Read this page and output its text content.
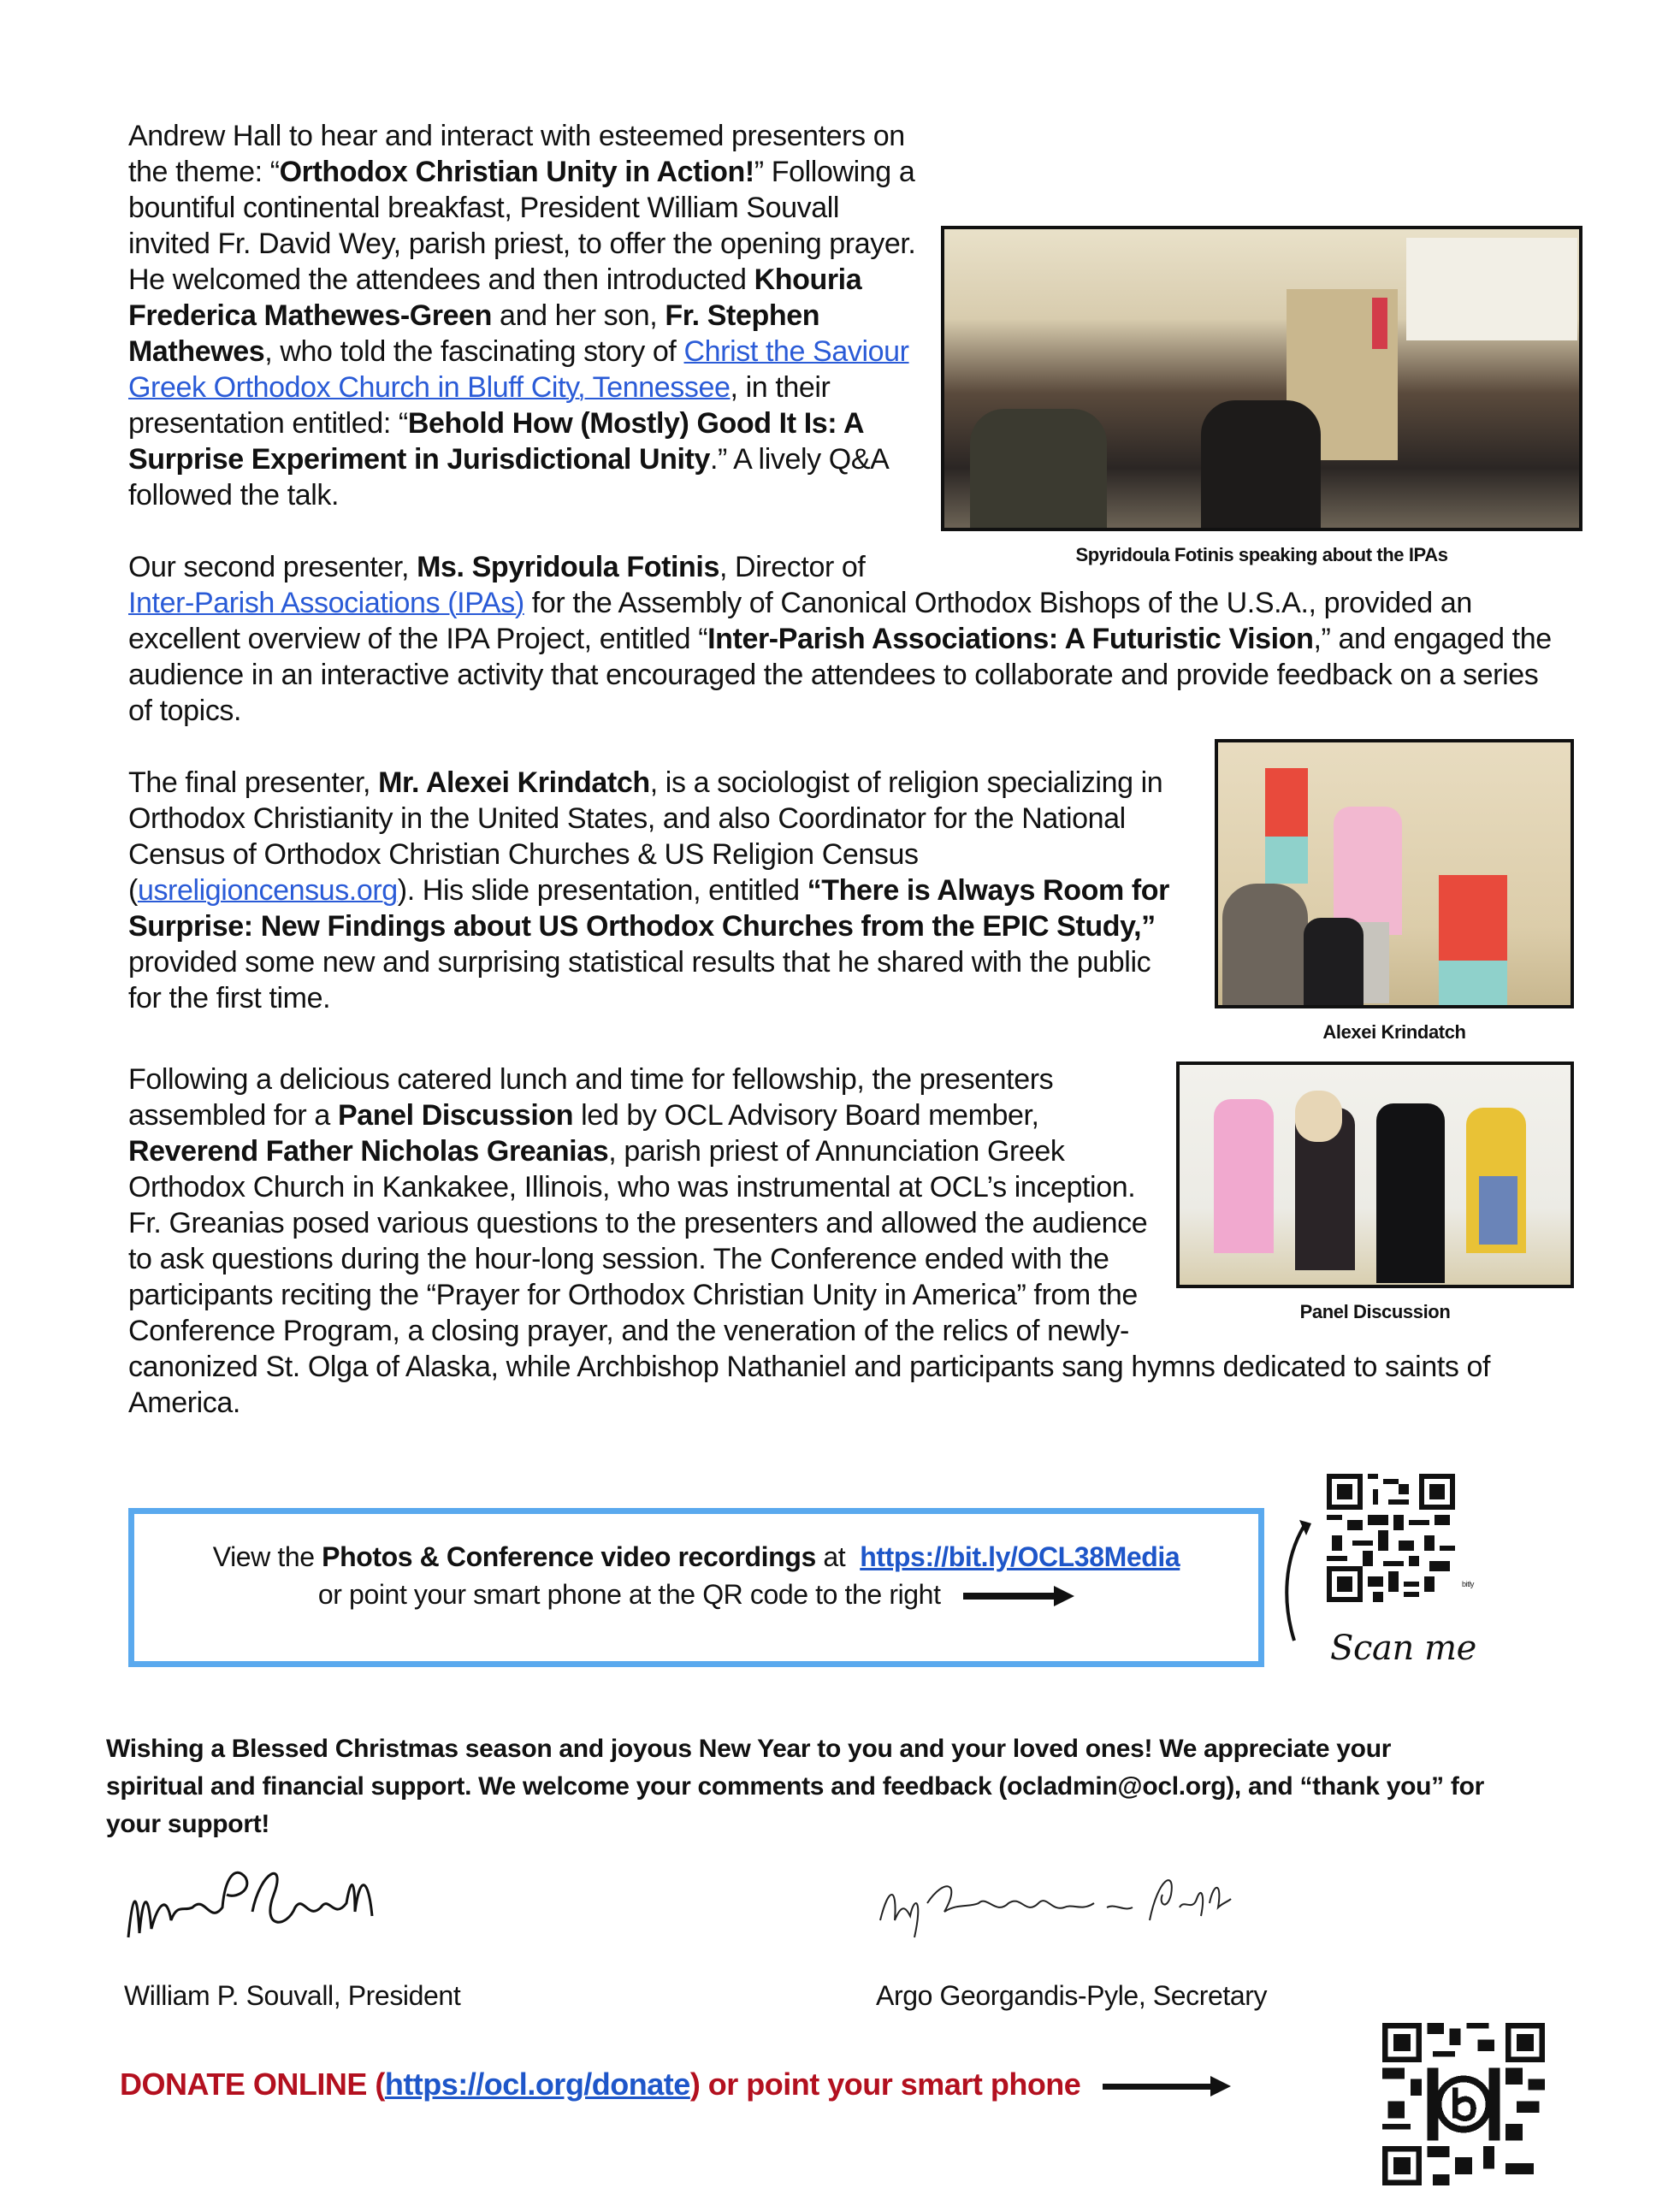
Spyridoula Fotinis speaking about the IPAs

Andrew Hall to hear and interact with esteemed presenters on the theme: “Orthodox Christian Unity in Action!” Following a bountiful continental breakfast, President William Souvall invited Fr. David Wey, parish priest, to offer the opening prayer. He welcomed the attendees and then introducted Khouria Frederica Mathewes-Green and her son, Fr. Stephen Mathewes, who told the fascinating story of Christ the Saviour Greek Orthodox Church in Bluff City, Tennessee, in their presentation entitled: “Behold How (Mostly) Good It Is: A Surprise Experiment in Jurisdictional Unity.” A lively Q&A followed the talk.

Our second presenter, Ms. Spyridoula Fotinis, Director of Inter-Parish Associations (IPAs) for the Assembly of Canonical Orthodox Bishops of the U.S.A., provided an excellent overview of the IPA Project, entitled “Inter-Parish Associations: A Futuristic Vision,” and engaged the audience in an interactive activity that encouraged the attendees to collaborate and provide feedback on a series of topics.

Alexei Krindatch

The final presenter, Mr. Alexei Krindatch, is a sociologist of religion specializing in Orthodox Christianity in the United States, and also Coordinator for the National Census of Orthodox Christian Churches & US Religion Census (usreligioncensus.org). His slide presentation, entitled “There is Always Room for Surprise: New Findings about US Orthodox Churches from the EPIC Study,” provided some new and surprising statistical results that he shared with the public for the first time.

Panel Discussion

Following a delicious catered lunch and time for fellowship, the presenters assembled for a Panel Discussion led by OCL Advisory Board member, Reverend Father Nicholas Greanias, parish priest of Annunciation Greek Orthodox Church in Kankakee, Illinois, who was instrumental at OCL’s inception. Fr. Greanias posed various questions to the presenters and allowed the audience to ask questions during the hour-long session. The Conference ended with the participants reciting the “Prayer for Orthodox Christian Unity in America” from the Conference Program, a closing prayer, and the veneration of the relics of newly-canonized St. Olga of Alaska, while Archbishop Nathaniel and participants sang hymns dedicated to saints of America.

View the Photos & Conference video recordings at  https://bit.ly/OCL38Media
or point your smart phone at the QR code to the right	bitly
Scan me
Wishing a Blessed Christmas season and joyous New Year to you and your loved ones! We appreciate your spiritual and financial support. We welcome your comments and feedback (ocladmin@ocl.org), and “thank you” for your support!
William P. Souvall, President	Argo Georgandis-Pyle, Secretary
DONATE ONLINE (https://ocl.org/donate) or point your smart phone
